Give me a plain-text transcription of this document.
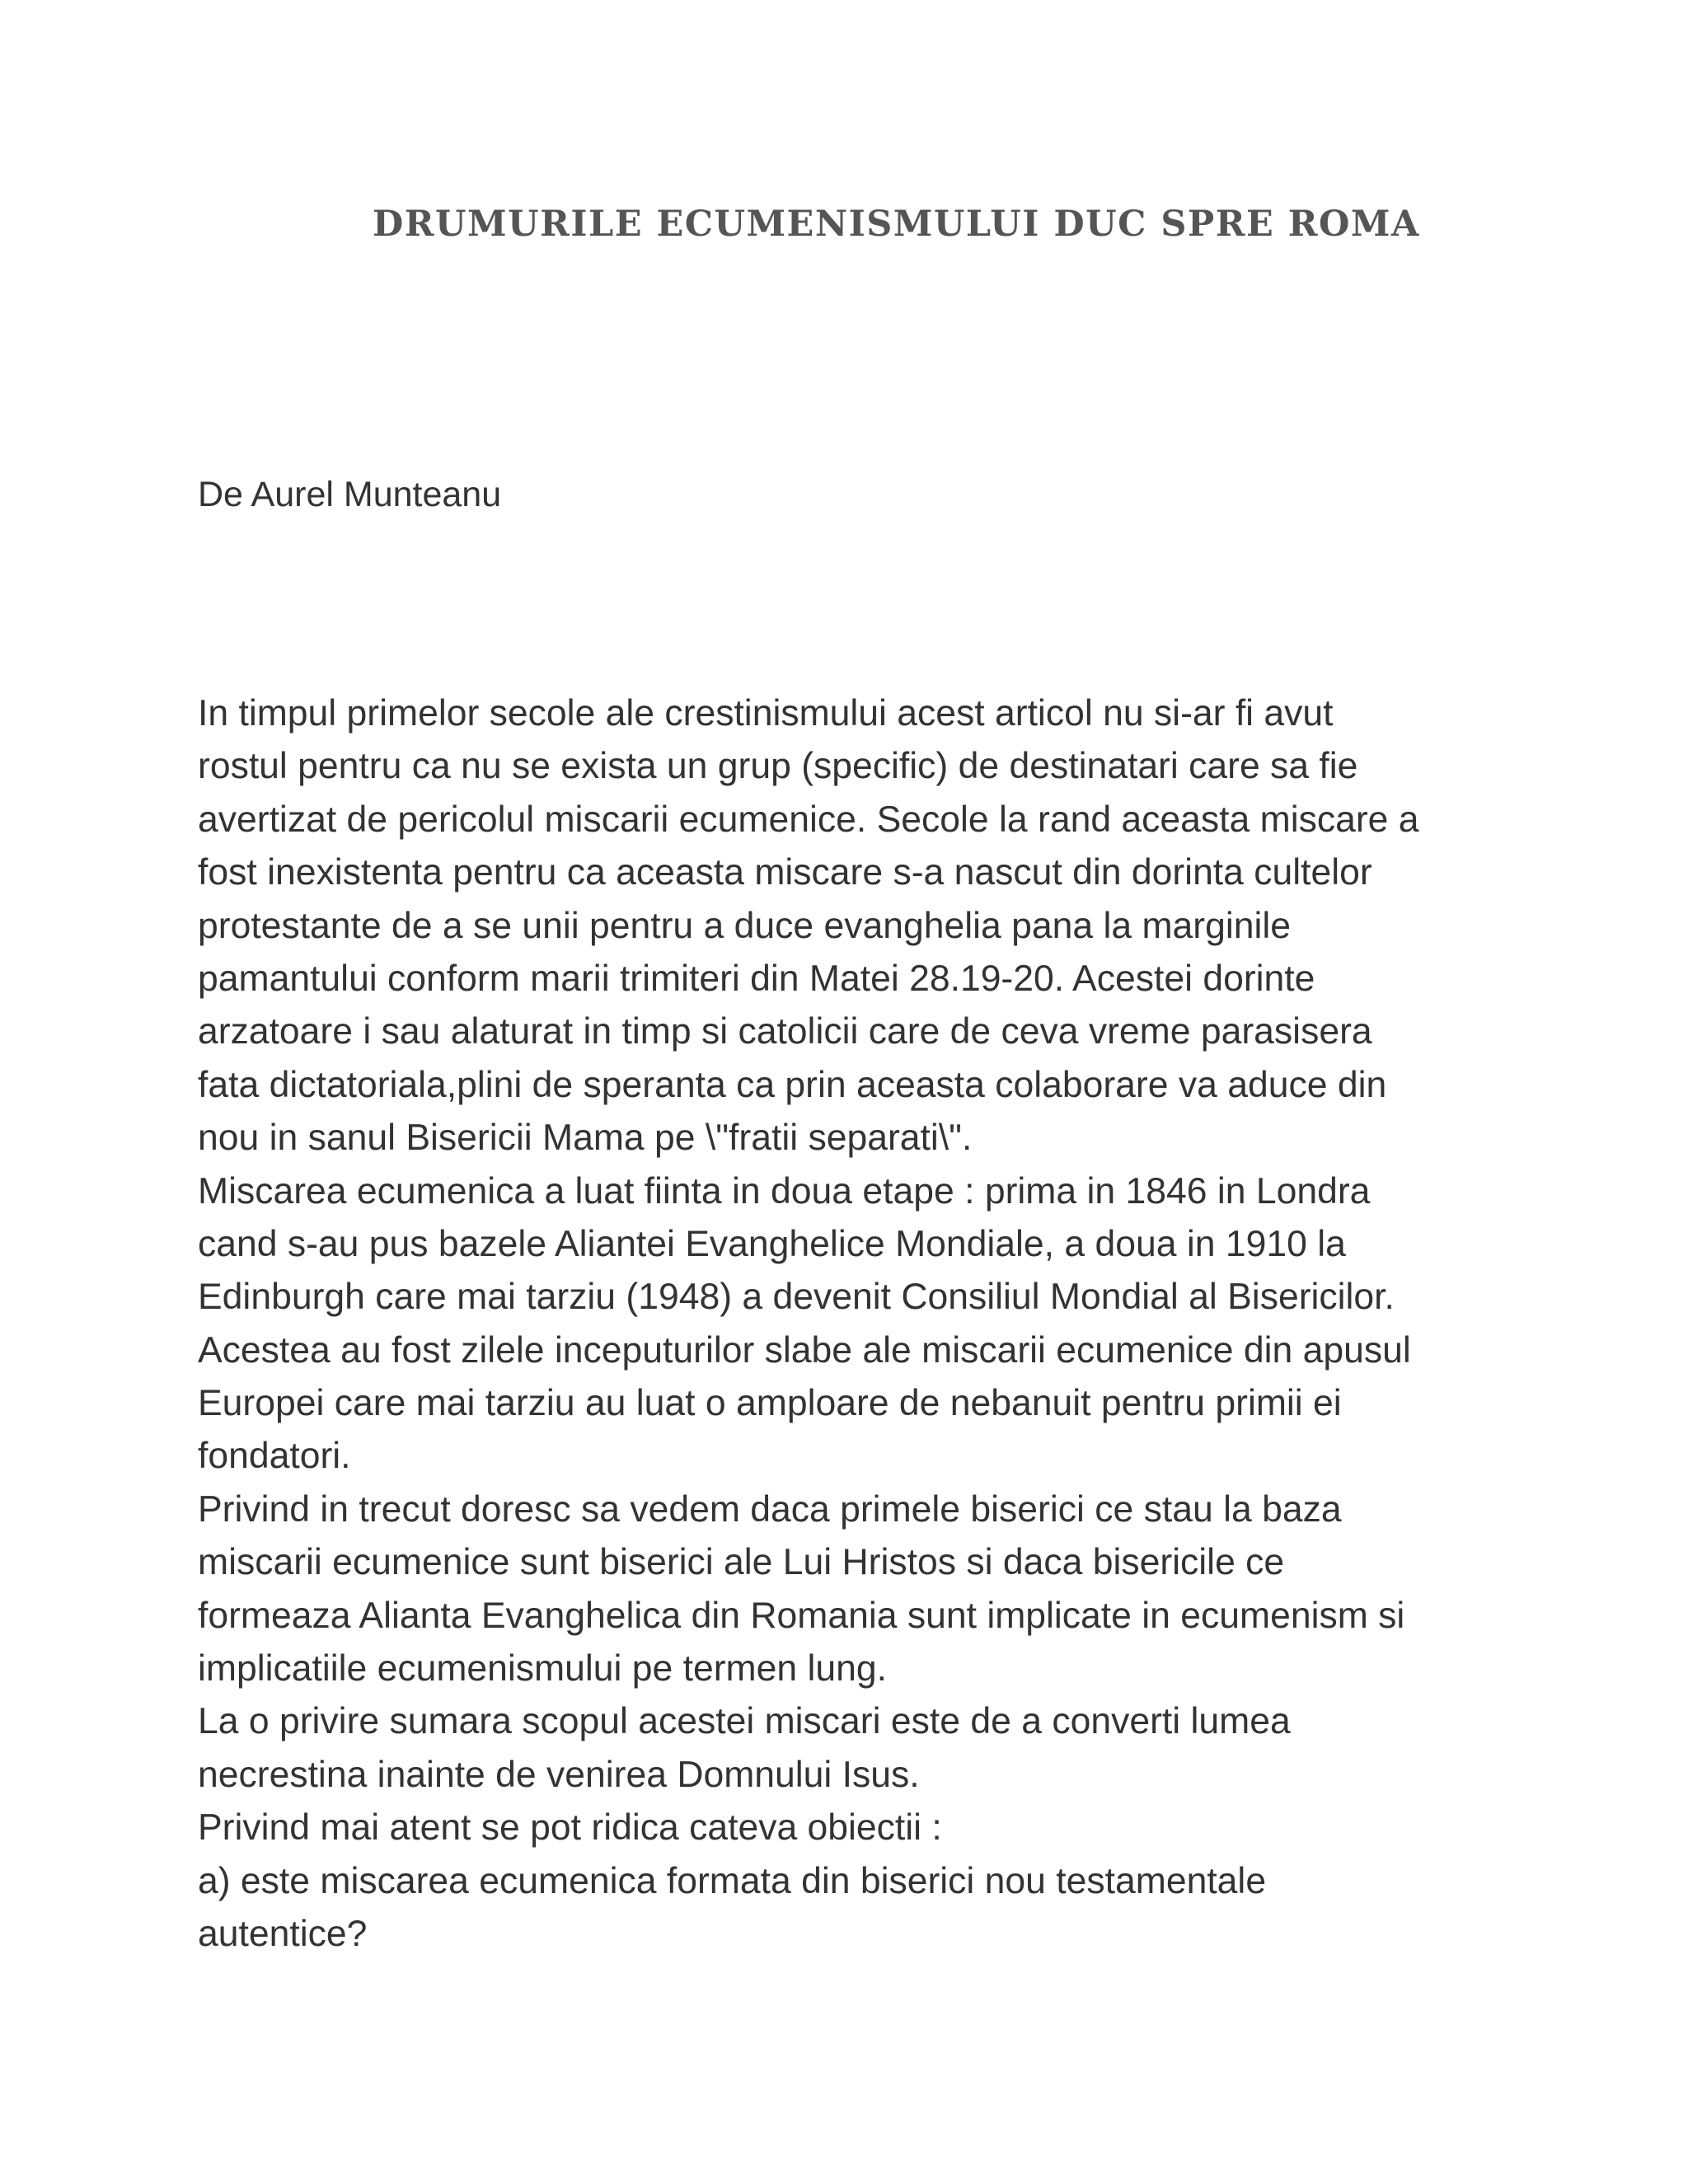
DRUMURILE ECUMENISMULUI DUC SPRE ROMA

De Aurel Munteanu

In timpul primelor secole ale crestinismului acest articol nu si-ar fi avut
rostul pentru ca nu se exista un grup (specific) de destinatari care sa fie
avertizat de pericolul miscarii ecumenice. Secole la rand aceasta miscare a
fost inexistenta pentru ca aceasta miscare s-a nascut din dorinta cultelor
protestante de a se unii pentru a duce evanghelia pana la marginile
pamantului conform marii trimiteri din Matei 28.19-20. Acestei dorinte
arzatoare i sau alaturat in timp si catolicii care de ceva vreme parasisera
fata dictatoriala,plini de speranta ca prin aceasta colaborare va aduce din
nou in sanul Bisericii Mama pe \"fratii separati\".
Miscarea ecumenica a luat fiinta in doua etape : prima in 1846 in Londra
cand s-au pus bazele Aliantei Evanghelice Mondiale, a doua in 1910 la
Edinburgh care mai tarziu (1948) a devenit Consiliul Mondial al Bisericilor.
Acestea au fost zilele inceputurilor slabe ale miscarii ecumenice din apusul
Europei care mai tarziu au luat o amploare de nebanuit pentru primii ei
fondatori.
Privind in trecut doresc sa vedem daca primele biserici ce stau la baza
miscarii ecumenice sunt biserici ale Lui Hristos si daca bisericile ce
formeaza Alianta Evanghelica din Romania sunt implicate in ecumenism si
implicatiile ecumenismului pe termen lung.
La o privire sumara scopul acestei miscari este de a converti lumea
necrestina inainte de venirea Domnului Isus.
Privind mai atent se pot ridica cateva obiectii :
a) este miscarea ecumenica formata din biserici nou testamentale
autentice?
